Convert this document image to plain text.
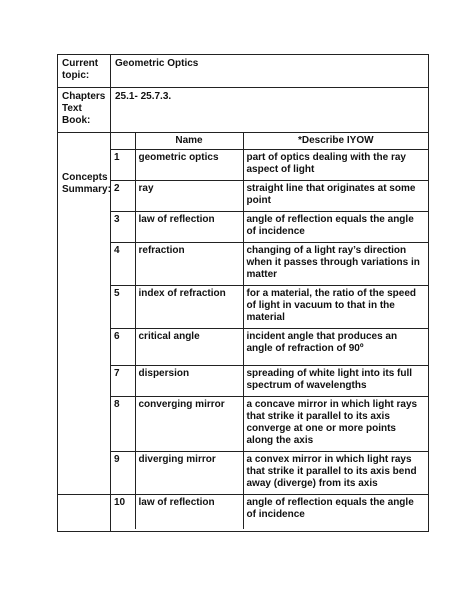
Current topic:	Geometric Optics
Chapters Text Book:	25.1- 25.7.3.

Concepts Summary:

	Name	*Describe IYOW
1	geometric optics	part of optics dealing with the ray aspect of light
2	ray	straight line that originates at some point
3	law of reflection	angle of reflection equals the angle of incidence
4	refraction	changing of a light ray’s direction when it passes through variations in matter
5	index of refraction	for a material, the ratio of the speed of light in vacuum to that in the material
6	critical angle	incident angle that produces an angle of refraction of 90º
7	dispersion	spreading of white light into its full spectrum of wavelengths
8	converging mirror	a concave mirror in which light rays that strike it parallel to its axis converge at one or more points along the axis
9	diverging mirror	a convex mirror in which light rays that strike it parallel to its axis bend away (diverge) from its axis

10	law of reflection	angle of reflection equals the angle of incidence
